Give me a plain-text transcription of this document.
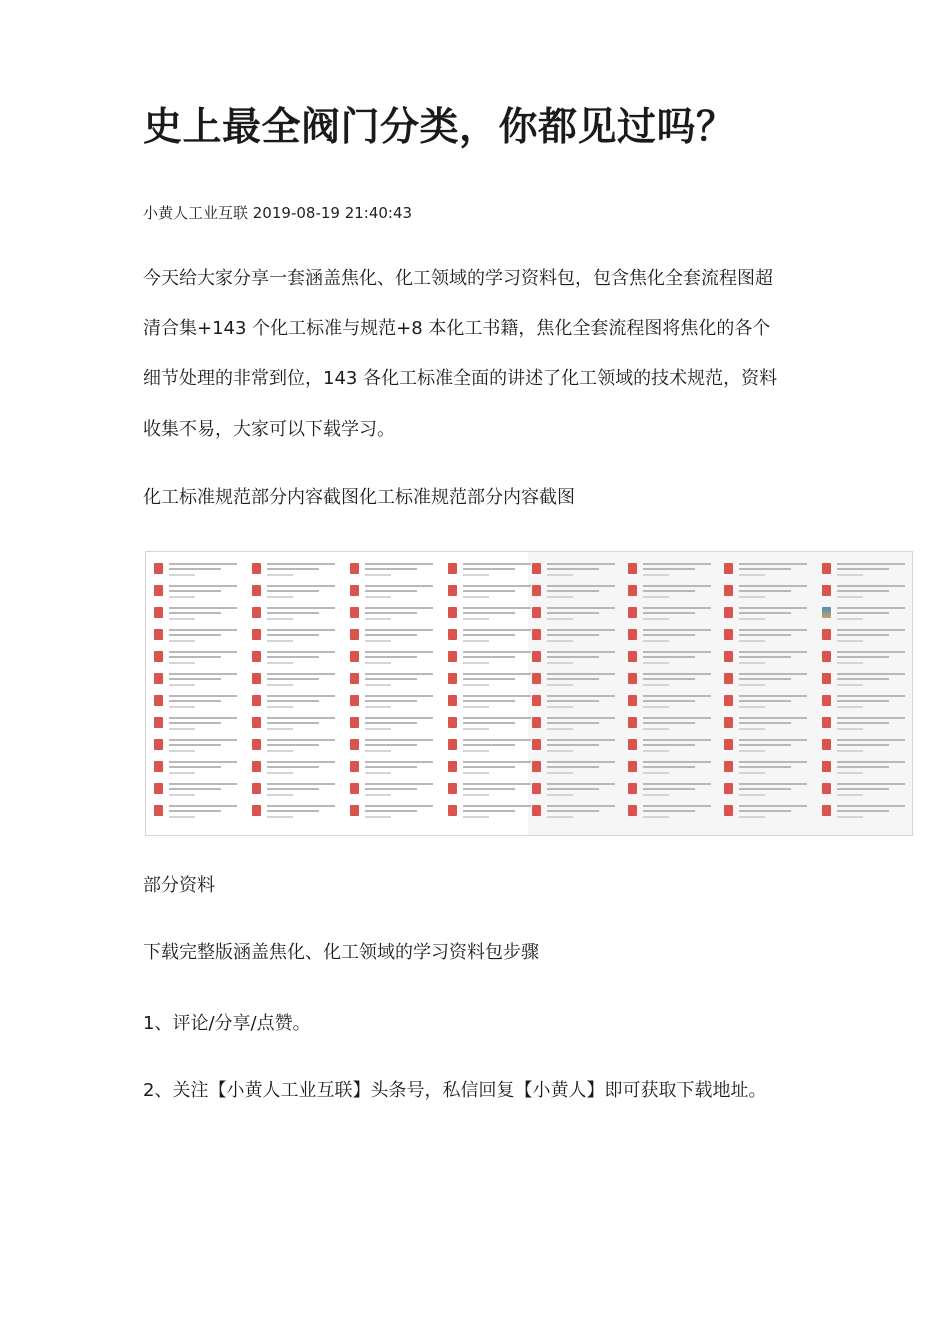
史上最全阀门分类，你都见过吗？
小黄人工业互联 2019-08-19 21:40:43
今天给大家分享一套涵盖焦化、化工领域的学习资料包，包含焦化全套流程图超
清合集+143 个化工标准与规范+8 本化工书籍，焦化全套流程图将焦化的各个
细节处理的非常到位，143 各化工标准全面的讲述了化工领域的技术规范，资料
收集不易，大家可以下载学习。
化工标准规范部分内容截图化工标准规范部分内容截图
部分资料
下载完整版涵盖焦化、化工领域的学习资料包步骤
1、评论/分享/点赞。
2、关注【小黄人工业互联】头条号，私信回复【小黄人】即可获取下载地址。
